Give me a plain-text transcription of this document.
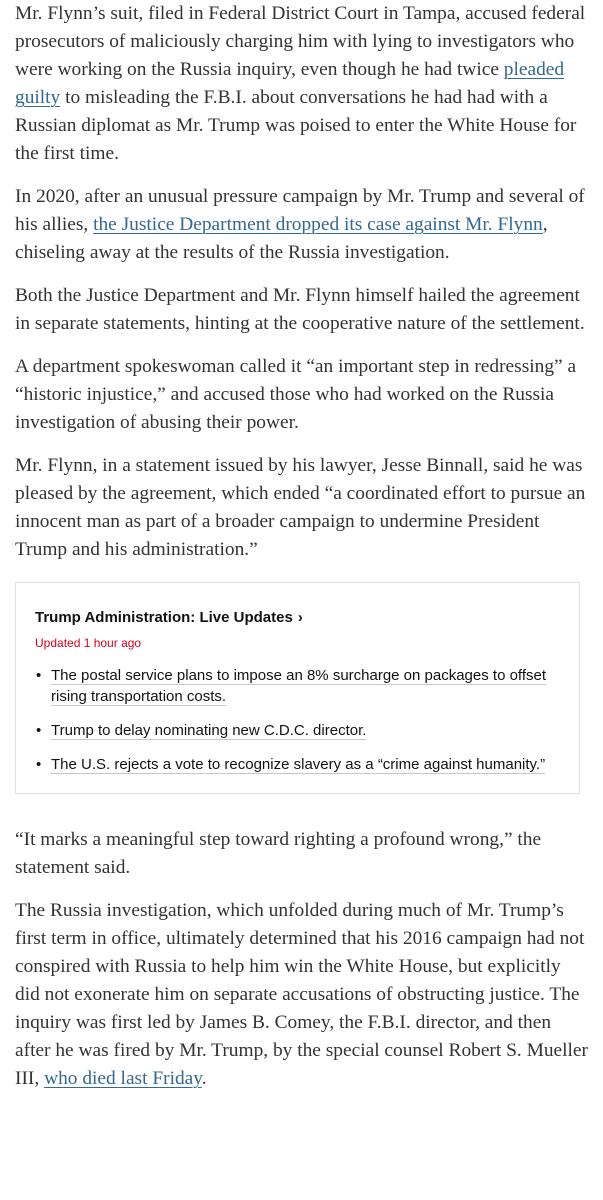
Mr. Flynn’s suit, filed in Federal District Court in Tampa, accused federal prosecutors of maliciously charging him with lying to investigators who were working on the Russia inquiry, even though he had twice pleaded guilty to misleading the F.B.I. about conversations he had had with a Russian diplomat as Mr. Trump was poised to enter the White House for the first time.

In 2020, after an unusual pressure campaign by Mr. Trump and several of his allies, the Justice Department dropped its case against Mr. Flynn, chiseling away at the results of the Russia investigation.

Both the Justice Department and Mr. Flynn himself hailed the agreement in separate statements, hinting at the cooperative nature of the settlement.

A department spokeswoman called it “an important step in redressing” a “historic injustice,” and accused those who had worked on the Russia investigation of abusing their power.

Mr. Flynn, in a statement issued by his lawyer, Jesse Binnall, said he was pleased by the agreement, which ended “a coordinated effort to pursue an innocent man as part of a broader campaign to undermine President Trump and his administration.”

Trump Administration: Live Updates ›
Updated 1 hour ago
• The postal service plans to impose an 8% surcharge on packages to offset rising transportation costs.
• Trump to delay nominating new C.D.C. director.
• The U.S. rejects a vote to recognize slavery as a “crime against humanity.”

“It marks a meaningful step toward righting a profound wrong,” the statement said.

The Russia investigation, which unfolded during much of Mr. Trump’s first term in office, ultimately determined that his 2016 campaign had not conspired with Russia to help him win the White House, but explicitly did not exonerate him on separate accusations of obstructing justice. The inquiry was first led by James B. Comey, the F.B.I. director, and then after he was fired by Mr. Trump, by the special counsel Robert S. Mueller III, who died last Friday.
